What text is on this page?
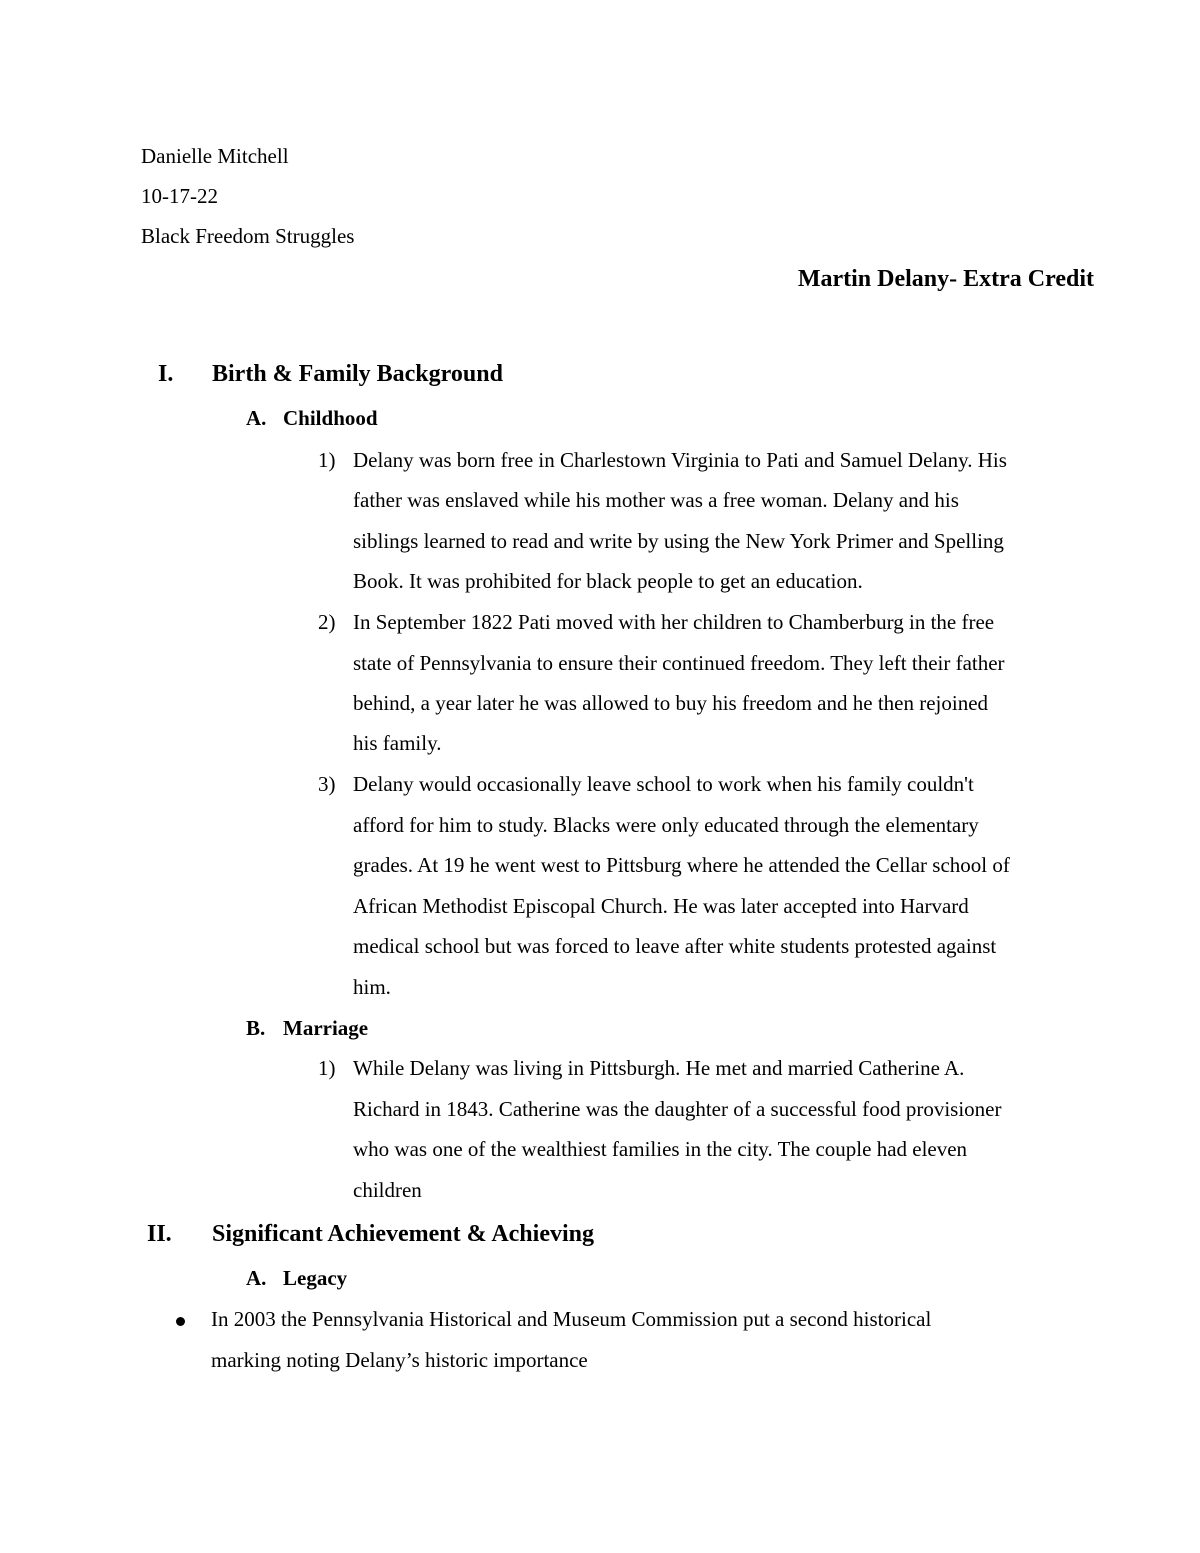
Danielle Mitchell
10-17-22
Black Freedom Struggles
Martin Delany- Extra Credit
I. Birth & Family Background
A. Childhood
1) Delany was born free in Charlestown Virginia to Pati and Samuel Delany. His
father was enslaved while his mother was a free woman. Delany and his
siblings learned to read and write by using the New York Primer and Spelling
Book. It was prohibited for black people to get an education.
2) In September 1822 Pati moved with her children to Chamberburg in the free
state of Pennsylvania to ensure their continued freedom. They left their father
behind, a year later he was allowed to buy his freedom and he then rejoined
his family.
3) Delany would occasionally leave school to work when his family couldn't
afford for him to study. Blacks were only educated through the elementary
grades. At 19 he went west to Pittsburg where he attended the Cellar school of
African Methodist Episcopal Church. He was later accepted into Harvard
medical school but was forced to leave after white students protested against
him.
B. Marriage
1) While Delany was living in Pittsburgh. He met and married Catherine A.
Richard in 1843. Catherine was the daughter of a successful food provisioner
who was one of the wealthiest families in the city. The couple had eleven
children
II. Significant Achievement & Achieving
A. Legacy
In 2003 the Pennsylvania Historical and Museum Commission put a second historical
marking noting Delany’s historic importance
